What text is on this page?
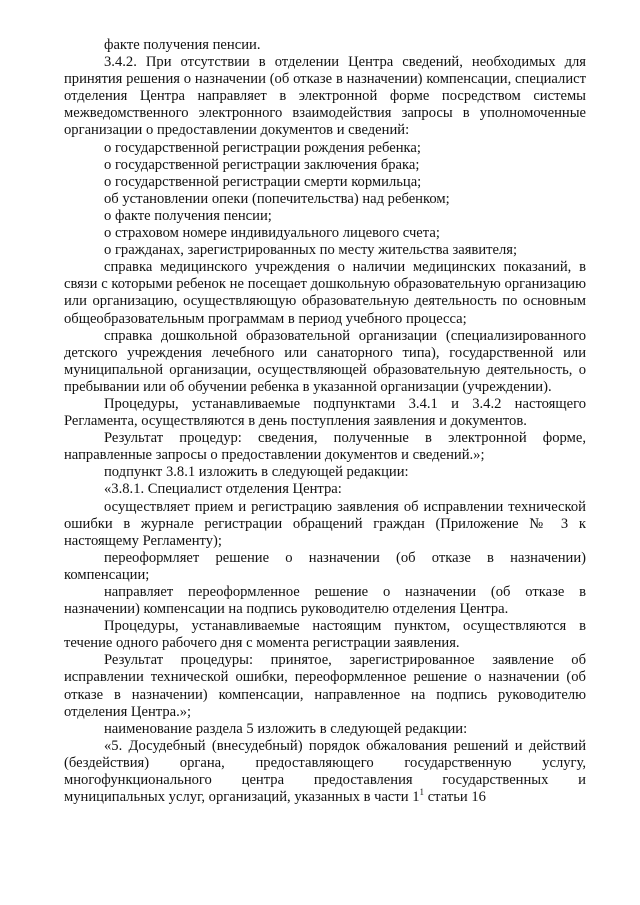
факте получения пенсии.

3.4.2. При отсутствии в отделении Центра сведений, необходимых для принятия решения о назначении (об отказе в назначении) компенсации, специалист отделения Центра направляет в электронной форме посредством системы межведомственного электронного взаимодействия запросы в уполномоченные организации о предоставлении документов и сведений:

о государственной регистрации рождения ребенка;

о государственной регистрации заключения брака;

о государственной регистрации смерти кормильца;

об установлении опеки (попечительства) над ребенком;

о факте получения пенсии;

о страховом номере индивидуального лицевого счета;

о гражданах, зарегистрированных по месту жительства заявителя;

справка медицинского учреждения о наличии медицинских показаний, в связи с которыми ребенок не посещает дошкольную образовательную организацию или организацию, осуществляющую образовательную деятельность по основным общеобразовательным программам в период учебного процесса;

справка дошкольной образовательной организации (специализированного детского учреждения лечебного или санаторного типа), государственной или муниципальной организации, осуществляющей образовательную деятельность, о пребывании или об обучении ребенка в указанной организации (учреждении).

Процедуры, устанавливаемые подпунктами 3.4.1 и 3.4.2 настоящего Регламента, осуществляются в день поступления заявления и документов.

Результат процедур: сведения, полученные в электронной форме, направленные запросы о предоставлении документов и сведений.»;

подпункт 3.8.1 изложить в следующей редакции:

«3.8.1. Специалист отделения Центра:

осуществляет прием и регистрацию заявления об исправлении технической ошибки в журнале регистрации обращений граждан (Приложение № 3 к настоящему Регламенту);

переоформляет решение о назначении (об отказе в назначении) компенсации;

направляет переоформленное решение о назначении (об отказе в назначении) компенсации на подпись руководителю отделения Центра.

Процедуры, устанавливаемые настоящим пунктом, осуществляются в течение одного рабочего дня с момента регистрации заявления.

Результат процедуры: принятое, зарегистрированное заявление об исправлении технической ошибки, переоформленное решение о назначении (об отказе в назначении) компенсации, направленное на подпись руководителю отделения Центра.»;

наименование раздела 5 изложить в следующей редакции:

«5. Досудебный (внесудебный) порядок обжалования решений и действий (бездействия) органа, предоставляющего государственную услугу, многофункционального центра предоставления государственных и муниципальных услуг, организаций, указанных в части $1^1$ статьи 16
